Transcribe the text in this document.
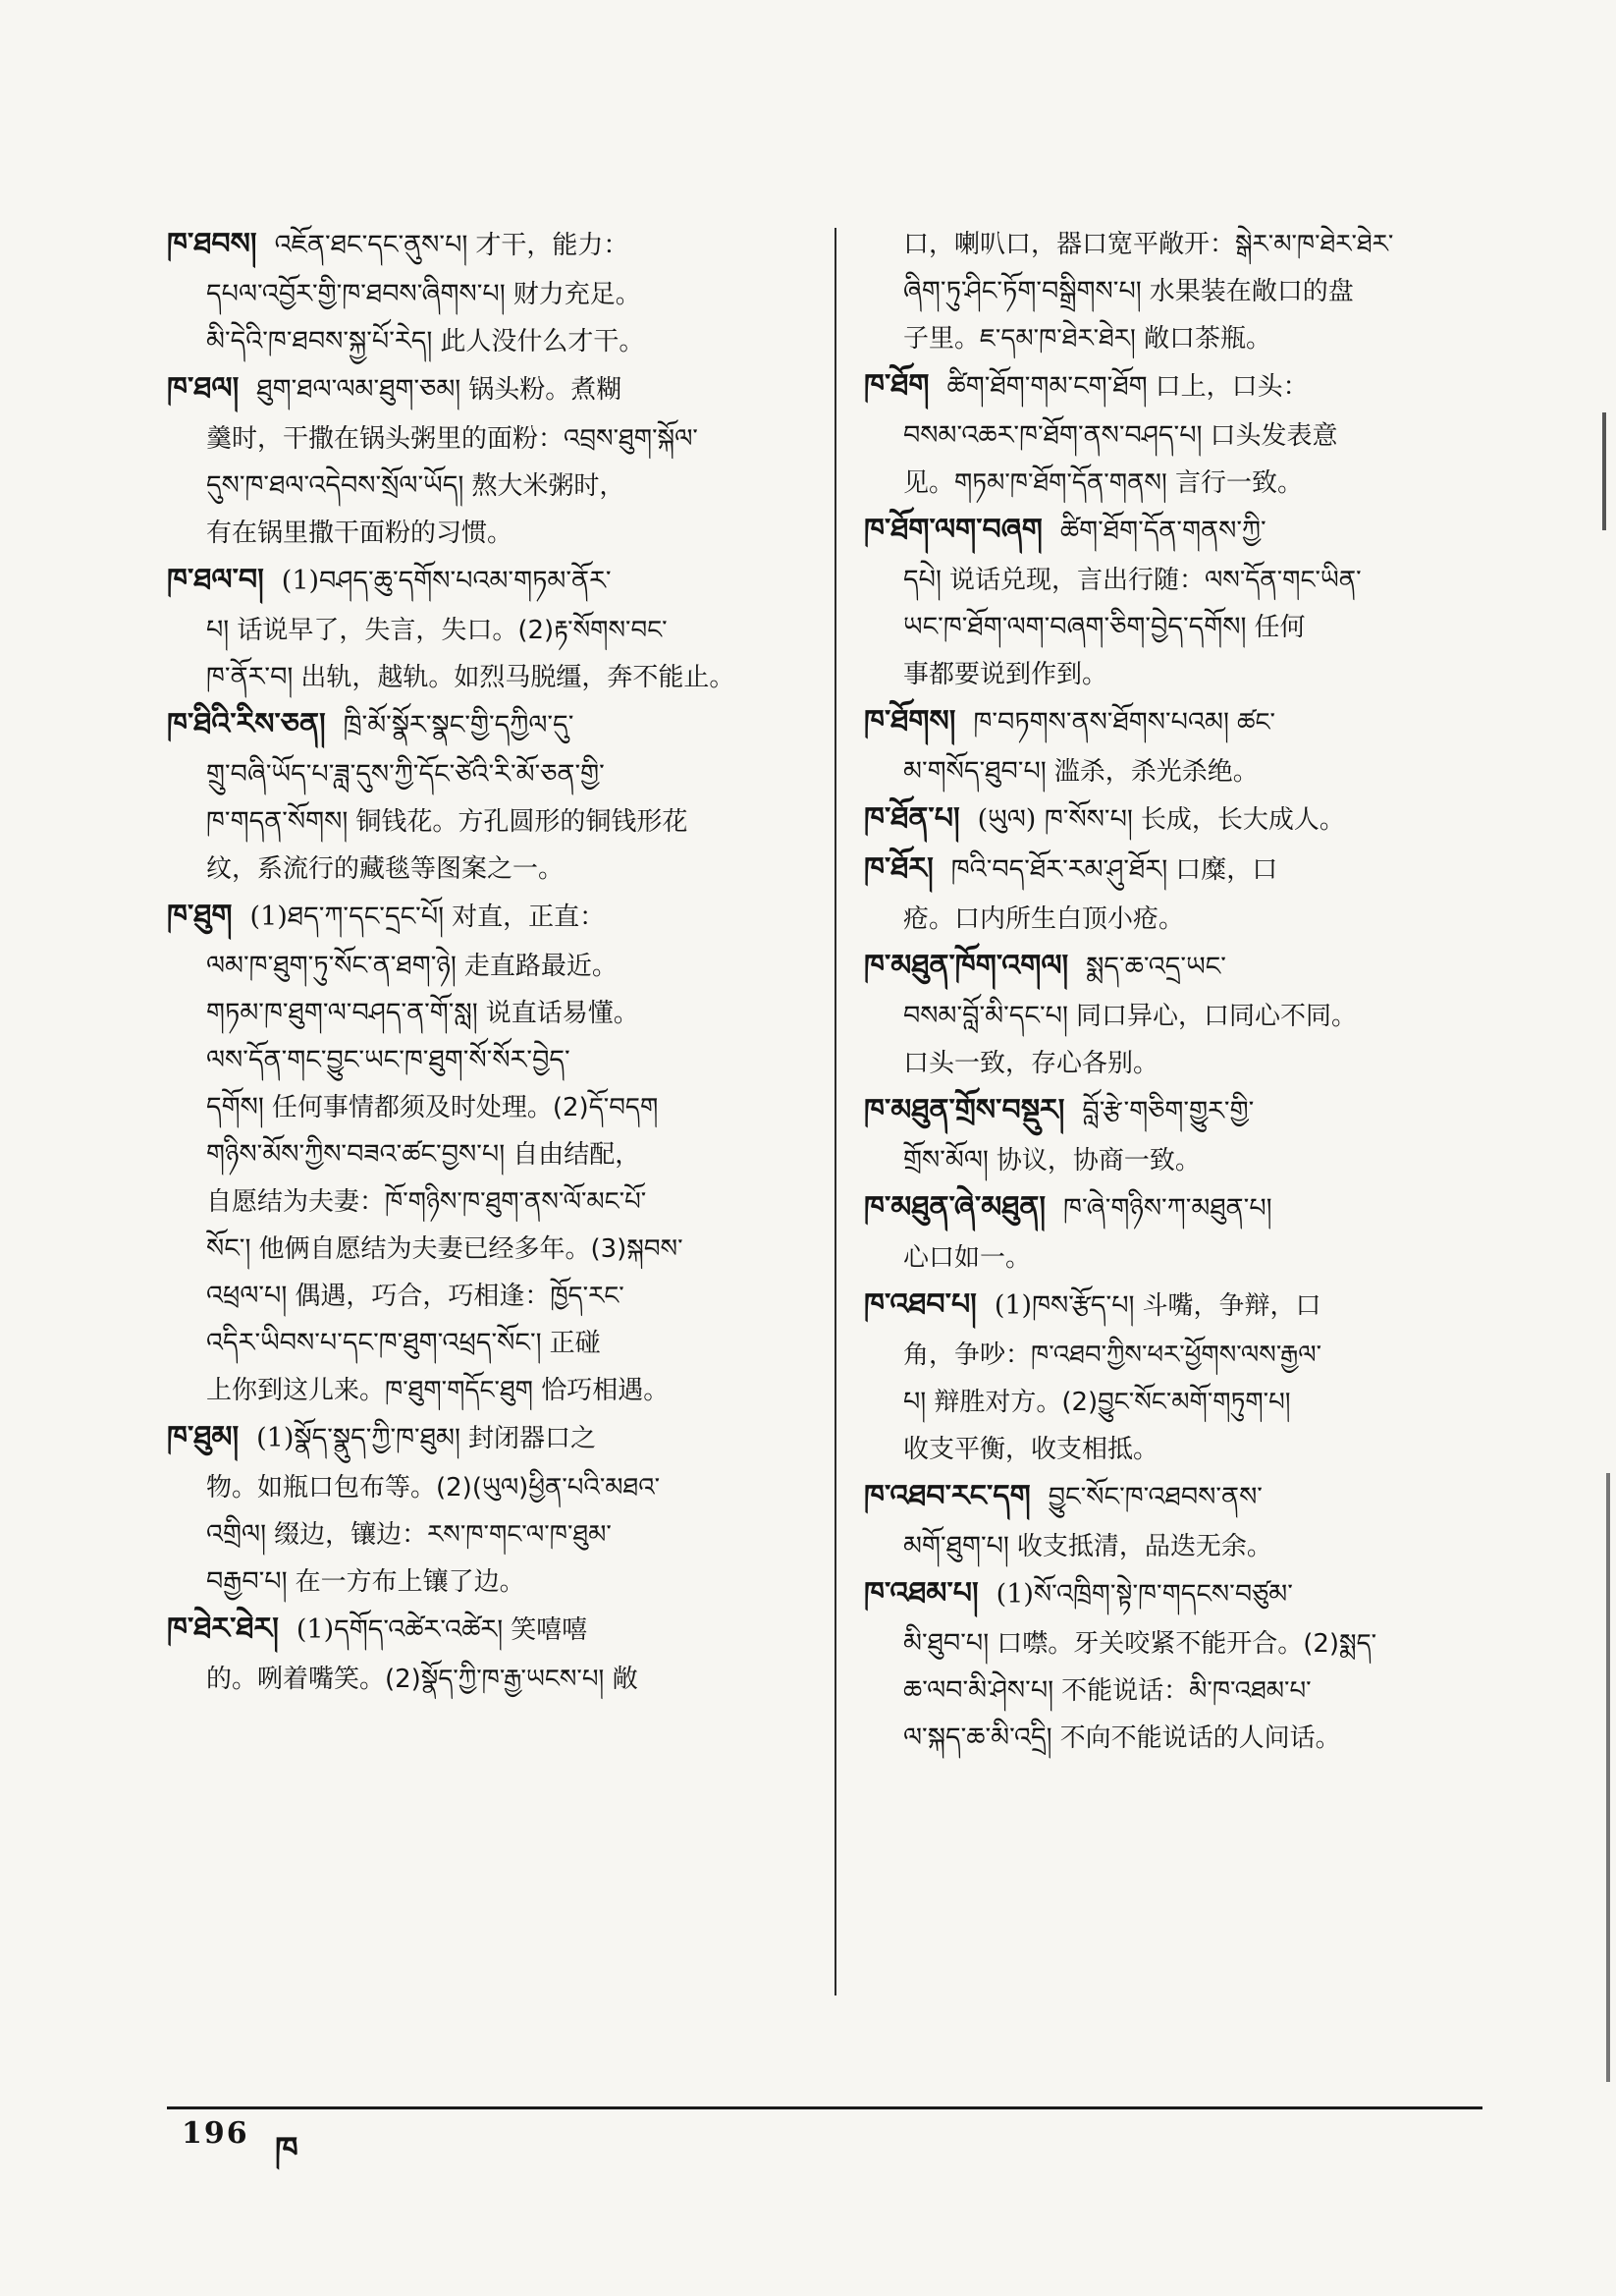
ཁ་ཐབས། འཇོན་ཐང་དང་ནུས་པ། 才干，能力：
དཔལ་འབྱོར་གྱི་ཁ་ཐབས་ཞིགས་པ། 财力充足。
མི་དེའི་ཁ་ཐབས་སྐྱ་པོ་རེད། 此人没什么才干。
ཁ་ཐལ། ཐུག་ཐལ་ལམ་ཐུག་ཅམ། 锅头粉。煮糊
羹时，干撒在锅头粥里的面粉：འབྲས་ཐུག་སྐོལ་
དུས་ཁ་ཐལ་འདེབས་སྲོལ་ཡོད། 熬大米粥时，
有在锅里撒干面粉的习惯。
ཁ་ཐལ་བ། (1)བཤད་ཆུ་དགོས་པའམ་གཏམ་ནོར་
པ། 话说早了，失言，失口。(2)རྟ་སོགས་བང་
ཁ་ནོར་བ། 出轨，越轨。如烈马脱缰，奔不能止。
ཁ་ཐིའི་རིས་ཅན། ཁྲི་མོ་སྣོར་སྣང་གྱི་དཀྱིལ་དུ་
གྲུ་བཞི་ཡོད་པ་ཟླ་དུས་ཀྱི་དོང་ཙེའི་རི་མོ་ཅན་གྱི་
ཁ་གདན་སོགས། 铜钱花。方孔圆形的铜钱形花
纹，系流行的藏毯等图案之一。
ཁ་ཐུག (1)ཐད་ཀ་དང་དྲང་པོ། 对直，正直：
ལམ་ཁ་ཐུག་ཏུ་སོང་ན་ཐག་ཉེ། 走直路最近。
གཏམ་ཁ་ཐུག་ལ་བཤད་ན་གོ་སླ། 说直话易懂。
ལས་དོན་གང་བྱུང་ཡང་ཁ་ཐུག་སོ་སོར་བྱེད་
དགོས། 任何事情都须及时处理。(2)དོ་བདག
གཉིས་མོས་ཀྱིས་བཟའ་ཚང་བྱས་པ། 自由结配，
自愿结为夫妻：ཁོ་གཉིས་ཁ་ཐུག་ནས་ལོ་མང་པོ་
སོང་། 他俩自愿结为夫妻已经多年。(3)སྐབས་
འཕྲལ་པ། 偶遇，巧合，巧相逢：ཁྱོད་རང་
འདིར་ཡིབས་པ་དང་ཁ་ཐུག་འཕྲད་སོང་། 正碰
上你到这儿来。ཁ་ཐུག་གདོང་ཐུག 恰巧相遇。
ཁ་ཐུམ། (1)སྣོད་སྣུད་ཀྱི་ཁ་ཐུམ། 封闭器口之
物。如瓶口包布等。(2)(ཡུལ)ཕྱིན་པའི་མཐའ་
འགྲིལ། 缀边，镶边：རས་ཁ་གང་ལ་ཁ་ཐུམ་
བརྒྱབ་པ། 在一方布上镶了边。
ཁ་ཐེར་ཐེར། (1)དགོད་འཚེར་འཚེར། 笑嘻嘻
的。咧着嘴笑。(2)སྣོད་ཀྱི་ཁ་རྒྱ་ཡངས་པ། 敞
口，喇叭口，器口宽平敞开：སྒེར་མ་ཁ་ཐེར་ཐེར་
ཞིག་ཏུ་ཤིང་ཏོག་བསྒྲིགས་པ། 水果装在敞口的盘
子里。ཇ་དམ་ཁ་ཐེར་ཐེར། 敞口茶瓶。
ཁ་ཐོག ཚིག་ཐོག་གམ་ངག་ཐོག 口上，口头：
བསམ་འཆར་ཁ་ཐོག་ནས་བཤད་པ། 口头发表意
见。གཏམ་ཁ་ཐོག་དོན་གནས། 言行一致。
ཁ་ཐོག་ལག་བཞག ཚིག་ཐོག་དོན་གནས་ཀྱི་
དཔེ། 说话兑现，言出行随：ལས་དོན་གང་ཡིན་
ཡང་ཁ་ཐོག་ལག་བཞག་ཅིག་བྱེད་དགོས། 任何
事都要说到作到。
ཁ་ཐོགས། ཁ་བཏགས་ནས་ཐོགས་པའམ། ཚང་
མ་གསོད་ཐུབ་པ། 滥杀，杀光杀绝。
ཁ་ཐོན་པ། (ཡུལ) ཁ་སོས་པ། 长成，长大成人。
ཁ་ཐོར། ཁའི་བད་ཐོར་རམ་ཤུ་ཐོར། 口糜，口
疮。口内所生白顶小疮。
ཁ་མཐུན་ཁོག་འགལ། སྨད་ཆ་འདྲ་ཡང་
བསམ་བློ་མི་དང་པ། 同口异心，口同心不同。
口头一致，存心各别。
ཁ་མཐུན་གྲོས་བསྡུར། བློ་རྩེ་གཅིག་གྱུར་གྱི་
གྲོས་མོལ། 协议，协商一致。
ཁ་མཐུན་ཞེ་མཐུན། ཁ་ཞེ་གཉིས་ཀ་མཐུན་པ།
心口如一。
ཁ་འཐབ་པ། (1)ཁས་རྩོད་པ། 斗嘴，争辩，口
角，争吵：ཁ་འཐབ་ཀྱིས་ཕར་ཕྱོགས་ལས་རྒྱལ་
པ། 辩胜对方。(2)བྱུང་སོང་མགོ་གཏུག་པ།
收支平衡，收支相抵。
ཁ་འཐབ་རང་དག བྱུང་སོང་ཁ་འཐབས་ནས་
མགོ་ཐུག་པ། 收支抵清，品迭无余。
ཁ་འཐམ་པ། (1)སོ་འཁྲིག་སྟེ་ཁ་གདངས་བཙུམ་
མི་ཐུབ་པ། 口噤。牙关咬紧不能开合。(2)སྨད་
ཆ་ལབ་མི་ཤེས་པ། 不能说话：མི་ཁ་འཐམ་པ་
ལ་སྐད་ཆ་མི་འདྲི། 不向不能说话的人问话。
196 ཁ
